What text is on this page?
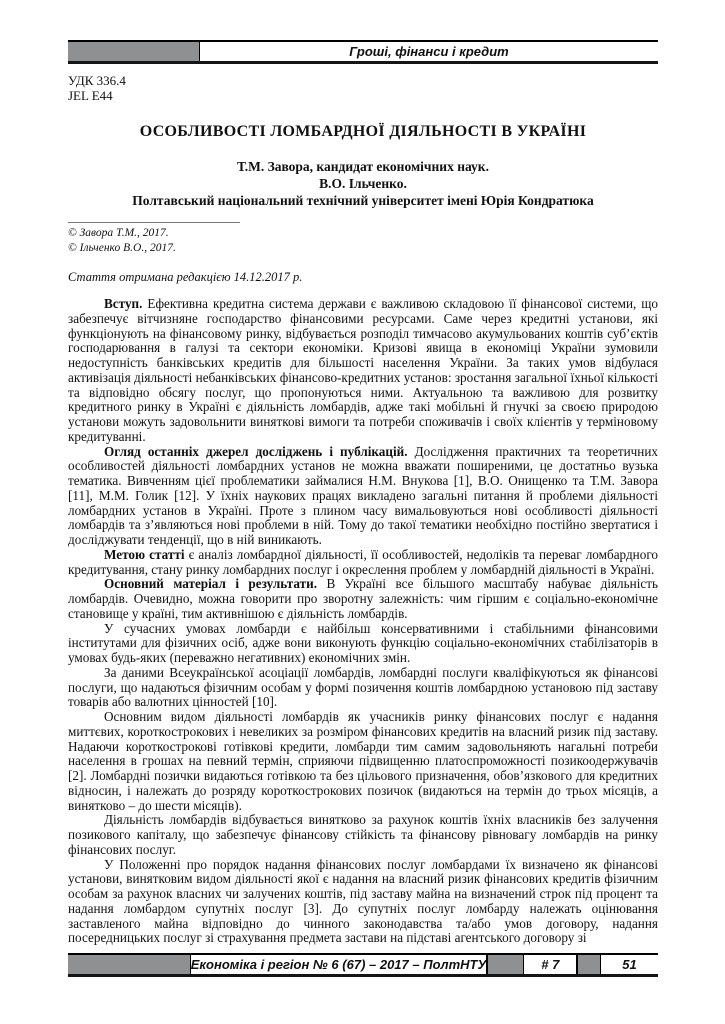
Гроші, фінанси і кредит
УДК 336.4
JEL E44
ОСОБЛИВОСТІ ЛОМБАРДНОЇ ДІЯЛЬНОСТІ В УКРАЇНІ
Т.М. Завора, кандидат економічних наук.
В.О. Ільченко.
Полтавський національний технічний університет імені Юрія Кондратюка
© Завора Т.М., 2017.
© Ільченко В.О., 2017.
Стаття отримана редакцією 14.12.2017 р.

Вступ. Ефективна кредитна система держави є важливою складовою її фінансової системи, що забезпечує вітчизняне господарство фінансовими ресурсами. Саме через кредитні установи, які функціонують на фінансовому ринку, відбувається розподіл тимчасово акумульованих коштів суб’єктів господарювання в галузі та сектори економіки. Кризові явища в економіці України зумовили недоступність банківських кредитів для більшості населення України. За таких умов відбулася активізація діяльності небанківських фінансово-кредитних установ: зростання загальної їхньої кількості та відповідно обсягу послуг, що пропонуються ними. Актуальною та важливою для розвитку кредитного ринку в Україні є діяльність ломбардів, адже такі мобільні й гнучкі за своєю природою установи можуть задовольнити виняткові вимоги та потреби споживачів і своїх клієнтів у терміновому кредитуванні.

Огляд останніх джерел досліджень і публікацій. Дослідження практичних та теоретичних особливостей діяльності ломбардних установ не можна вважати поширеними, це достатньо вузька тематика. Вивченням цієї проблематики займалися Н.М. Внукова [1], В.О. Онищенко та Т.М. Завора [11], М.М. Голик [12]. У їхніх наукових працях викладено загальні питання й проблеми діяльності ломбардних установ в Україні. Проте з плином часу вимальовуються нові особливості діяльності ломбардів та з’являються нові проблеми в ній. Тому до такої тематики необхідно постійно звертатися і досліджувати тенденції, що в ній виникають.

Метою статті є аналіз ломбардної діяльності, її особливостей, недоліків та переваг ломбардного кредитування, стану ринку ломбардних послуг і окреслення проблем у ломбардній діяльності в Україні.

Основний матеріал і результати. В Україні все більшого масштабу набуває діяльність ломбардів. Очевидно, можна говорити про зворотну залежність: чим гіршим є соціально-економічне становище у країні, тим активнішою є діяльність ломбардів.

У сучасних умовах ломбарди є найбільш консервативними і стабільними фінансовими інститутами для фізичних осіб, адже вони виконують функцію соціально-економічних стабілізаторів в умовах будь-яких (переважно негативних) економічних змін.

За даними Всеукраїнської асоціації ломбардів, ломбардні послуги кваліфікуються як фінансові послуги, що надаються фізичним особам у формі позичення коштів ломбардною установою під заставу товарів або валютних цінностей [10].

Основним видом діяльності ломбардів як учасників ринку фінансових послуг є надання миттєвих, короткострокових і невеликих за розміром фінансових кредитів на власний ризик під заставу. Надаючи короткострокові готівкові кредити, ломбарди тим самим задовольняють нагальні потреби населення в грошах на певний термін, сприяючи підвищенню платоспроможності позикоодержувачів [2]. Ломбардні позички видаються готівкою та без цільового призначення, обов’язкового для кредитних відносин, і належать до розряду короткострокових позичок (видаються на термін до трьох місяців, а винятково – до шести місяців).

Діяльність ломбардів відбувається винятково за рахунок коштів їхніх власників без залучення позикового капіталу, що забезпечує фінансову стійкість та фінансову рівновагу ломбардів на ринку фінансових послуг.

У Положенні про порядок надання фінансових послуг ломбардами їх визначено як фінансові установи, винятковим видом діяльності якої є надання на власний ризик фінансових кредитів фізичним особам за рахунок власних чи залучених коштів, під заставу майна на визначений строк під процент та надання ломбардом супутніх послуг [3]. До супутніх послуг ломбарду належать оцінювання заставленого майна відповідно до чинного законодавства та/або умов договору, надання посередницьких послуг зі страхування предмета застави на підставі агентського договору зі

Економіка і регіон № 6 (67) – 2017 – ПолтНТУ	# 7	51
